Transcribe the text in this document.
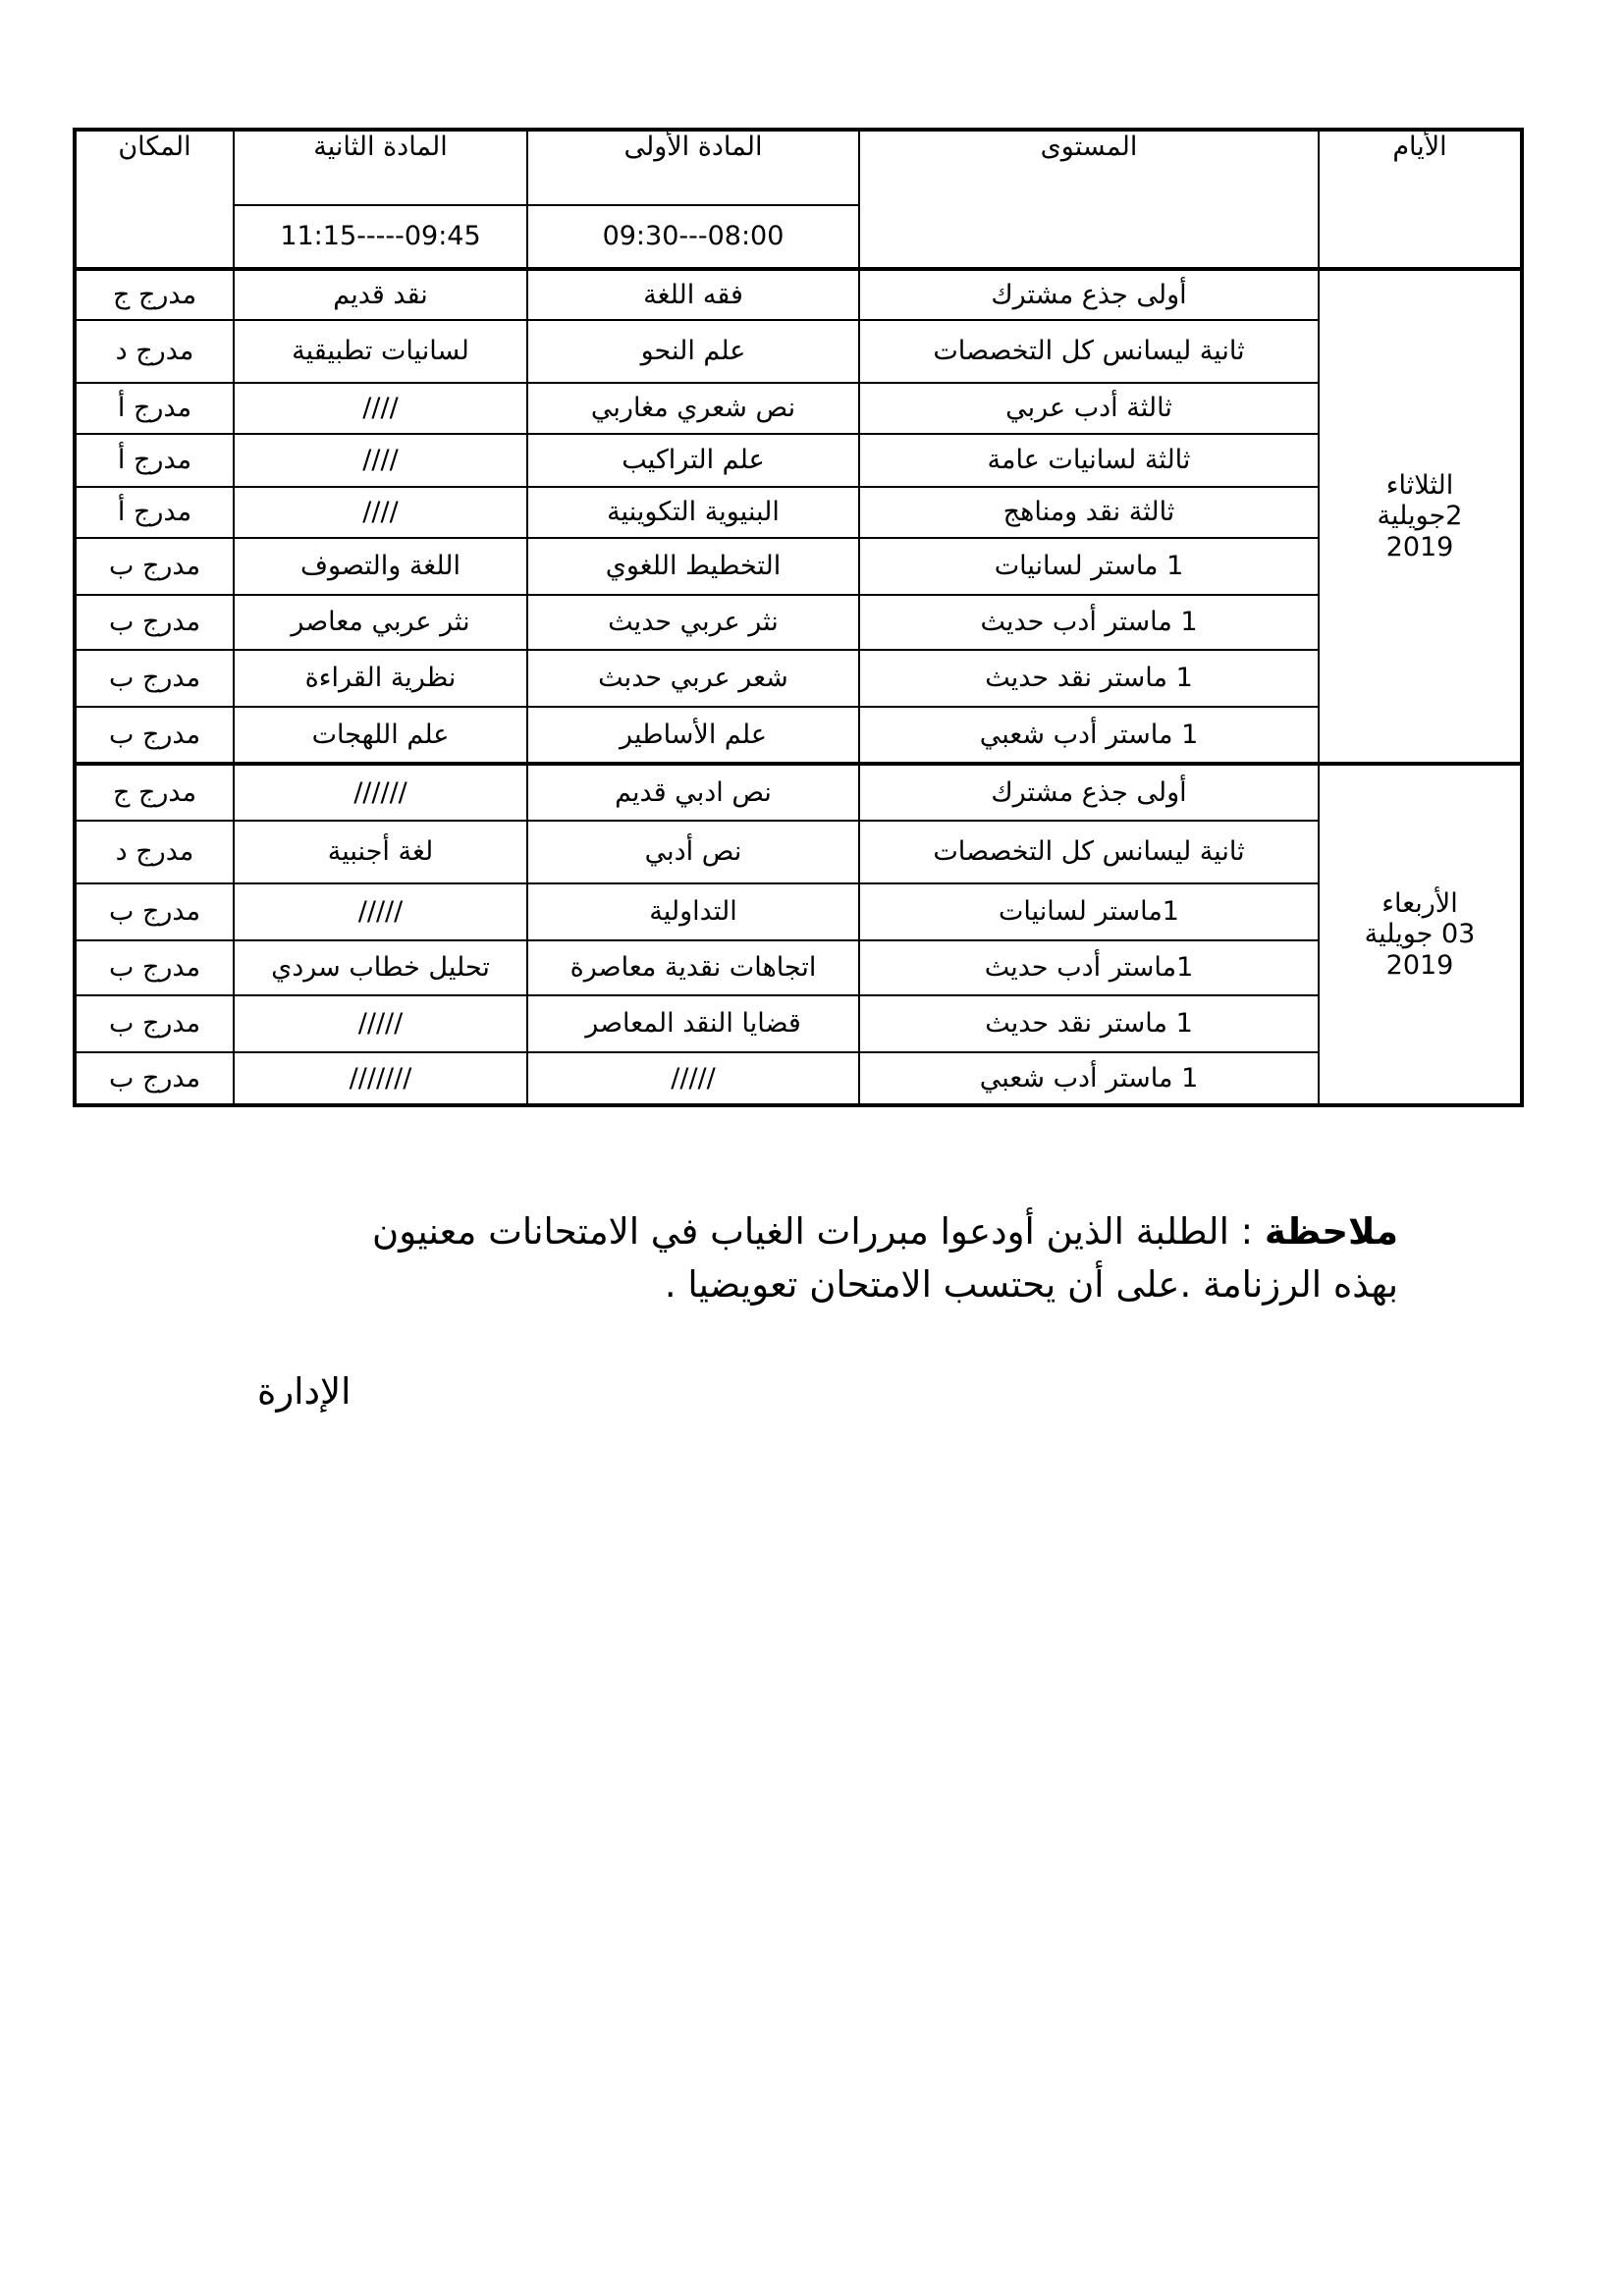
الأيام	المستوى	المادة الأولى	المادة الثانية	المكان
		09:30---08:00	11:15-----09:45	

الثلاثاء
2جويلية
2019	أولى جذع مشترك	فقه اللغة	نقد قديم	مدرج ج
	ثانية ليسانس كل التخصصات	علم النحو	لسانيات تطبيقية	مدرج د
	ثالثة أدب عربي	نص شعري مغاربي	////	مدرج أ
	ثالثة لسانيات عامة	علم التراكيب	////	مدرج أ
	ثالثة نقد ومناهج	البنيوية التكوينية	////	مدرج أ
	1 ماستر لسانيات	التخطيط اللغوي	اللغة والتصوف	مدرج ب
	1 ماستر أدب حديث	نثر عربي حديث	نثر عربي معاصر	مدرج ب
	1 ماستر نقد حديث	شعر عربي حدبث	نظرية القراءة	مدرج ب
	1 ماستر أدب شعبي	علم الأساطير	علم اللهجات	مدرج ب

الأربعاء
03 جويلية
2019	أولى جذع مشترك	نص ادبي قديم	//////	مدرج ج
	ثانية ليسانس كل التخصصات	نص أدبي	لغة أجنبية	مدرج د
	1ماستر لسانيات	التداولية	/////	مدرج ب
	1ماستر أدب حديث	اتجاهات نقدية معاصرة	تحليل خطاب سردي	مدرج ب
	1 ماستر نقد حديث	قضايا النقد المعاصر	/////	مدرج ب
	1 ماستر أدب شعبي	/////	///////	مدرج ب
ملاحظة : الطلبة الذين أودعوا مبررات الغياب في الامتحانات معنيون بهذه الرزنامة .على أن يحتسب الامتحان تعويضيا .
الإدارة
